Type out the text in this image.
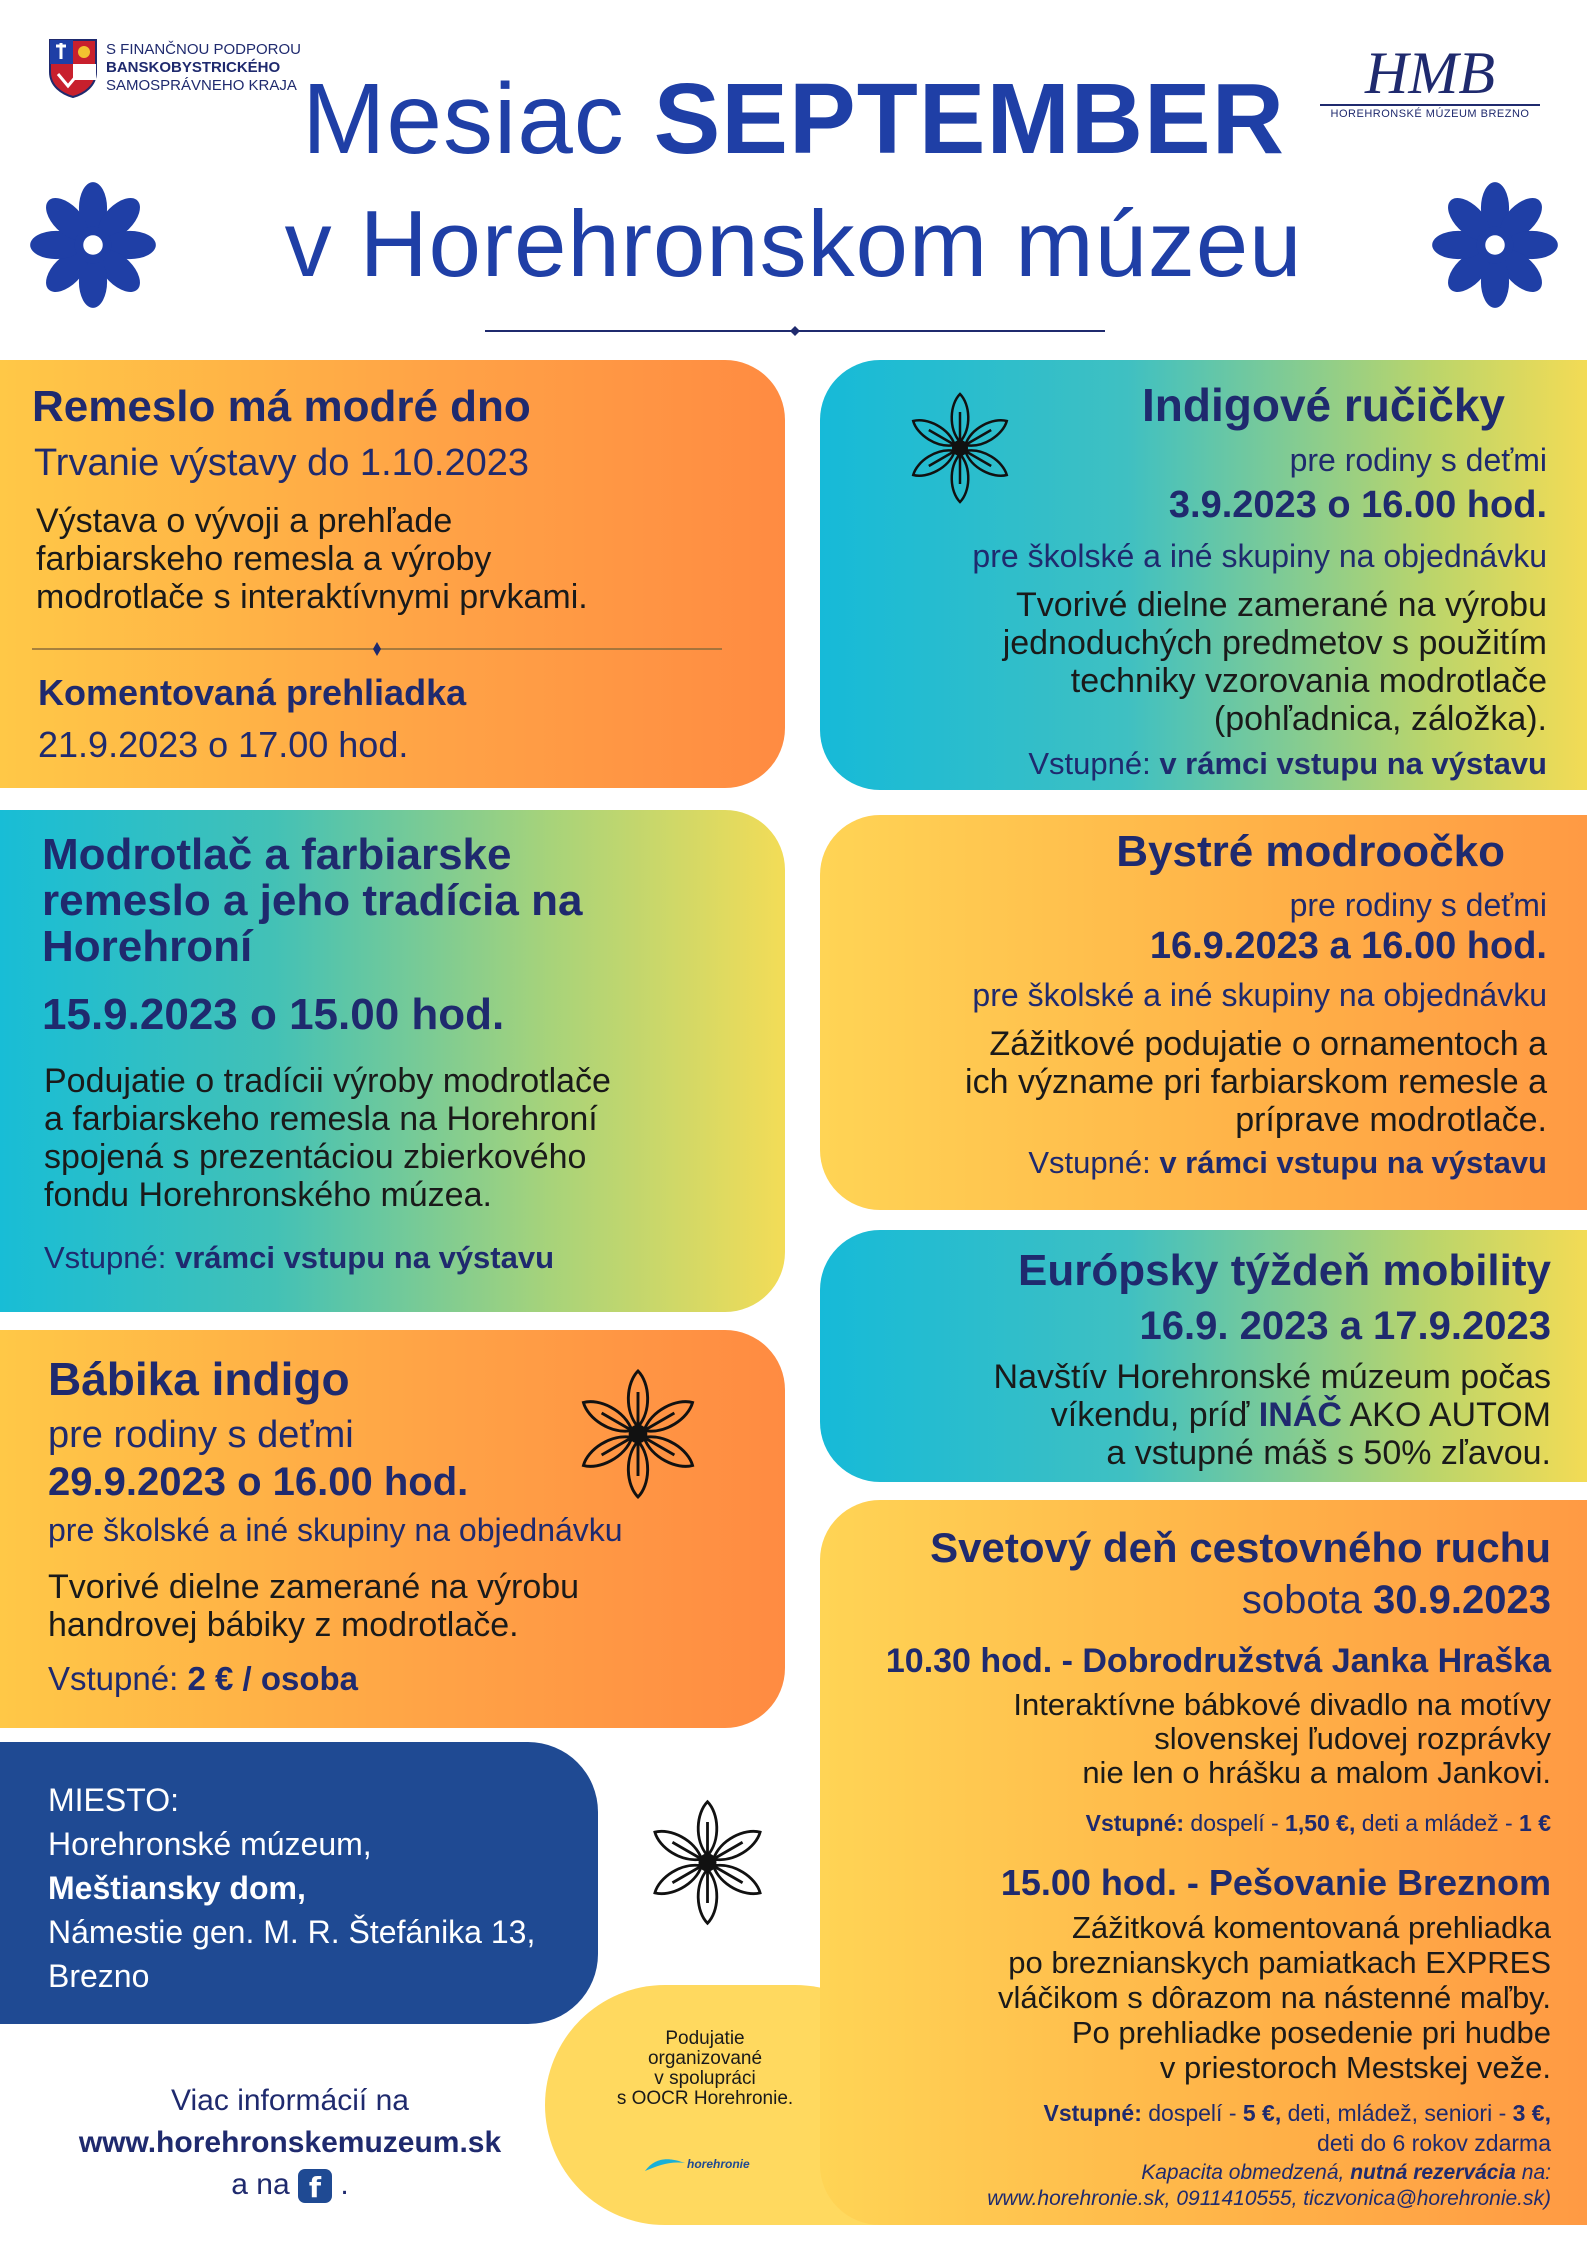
S FINANČNOU PODPOROU
BANSKOBYSTRICKÉHO
SAMOSPRÁVNEHO KRAJA	HMB
HOREHRONSKÉ MÚZEUM BREZNO
Mesiac SEPTEMBER
v Horehronskom múzeu
Remeslo má modré dno
Trvanie výstavy do 1.10.2023
Výstava o vývoji a prehľade
farbiarskeho remesla a výroby
modrotlače s interaktívnymi prvkami.
Komentovaná prehliadka
21.9.2023 o 17.00 hod.
Modrotlač a farbiarske
remeslo a jeho tradícia na
Horehroní
15.9.2023 o 15.00 hod.
Podujatie o tradícii výroby modrotlače
a farbiarskeho remesla na Horehroní
spojená s prezentáciou zbierkového
fondu Horehronského múzea.
Vstupné: vrámci vstupu na výstavu
Bábika indigo
pre rodiny s deťmi
29.9.2023 o 16.00 hod.
pre školské a iné skupiny na objednávku
Tvorivé dielne zamerané na výrobu
handrovej bábiky z modrotlače.
Vstupné: 2 € / osoba
MIESTO:
Horehronské múzeum,
Meštiansky dom,
Námestie gen. M. R. Štefánika 13,
Brezno
Viac informácií na
www.horehronskemuzeum.sk
a na f .
Podujatie
organizované
v spolupráci
s OOCR Horehronie.
horehronie
Indigové ručičky
pre rodiny s deťmi
3.9.2023 o 16.00 hod.
pre školské a iné skupiny na objednávku
Tvorivé dielne zamerané na výrobu
jednoduchých predmetov s použitím
techniky vzorovania modrotlače
(pohľadnica, záložka).
Vstupné: v rámci vstupu na výstavu
Bystré modroočko
pre rodiny s deťmi
16.9.2023 a 16.00 hod.
pre školské a iné skupiny na objednávku
Zážitkové podujatie o ornamentoch a
ich význame pri farbiarskom remesle a
príprave modrotlače.
Vstupné: v rámci vstupu na výstavu
Európsky týždeň mobility
16.9. 2023 a 17.9.2023
Navštív Horehronské múzeum počas
víkendu, príď INÁČ AKO AUTOM
a vstupné máš s 50% zľavou.
Svetový deň cestovného ruchu
sobota 30.9.2023
10.30 hod. - Dobrodružstvá Janka Hraška
Interaktívne bábkové divadlo na motívy
slovenskej ľudovej rozprávky
nie len o hrášku a malom Jankovi.
Vstupné: dospelí - 1,50 €, deti a mládež - 1 €
15.00 hod. - Pešovanie Breznom
Zážitková komentovaná prehliadka
po breznianskych pamiatkach EXPRES
vláčikom s dôrazom na nástenné maľby.
Po prehliadke posedenie pri hudbe
v priestoroch Mestskej veže.
Vstupné: dospelí - 5 €, deti, mládež, seniori - 3 €,
deti do 6 rokov zdarma
Kapacita obmedzená, nutná rezervácia na:
www.horehronie.sk, 0911410555, ticzvonica@horehronie.sk)
